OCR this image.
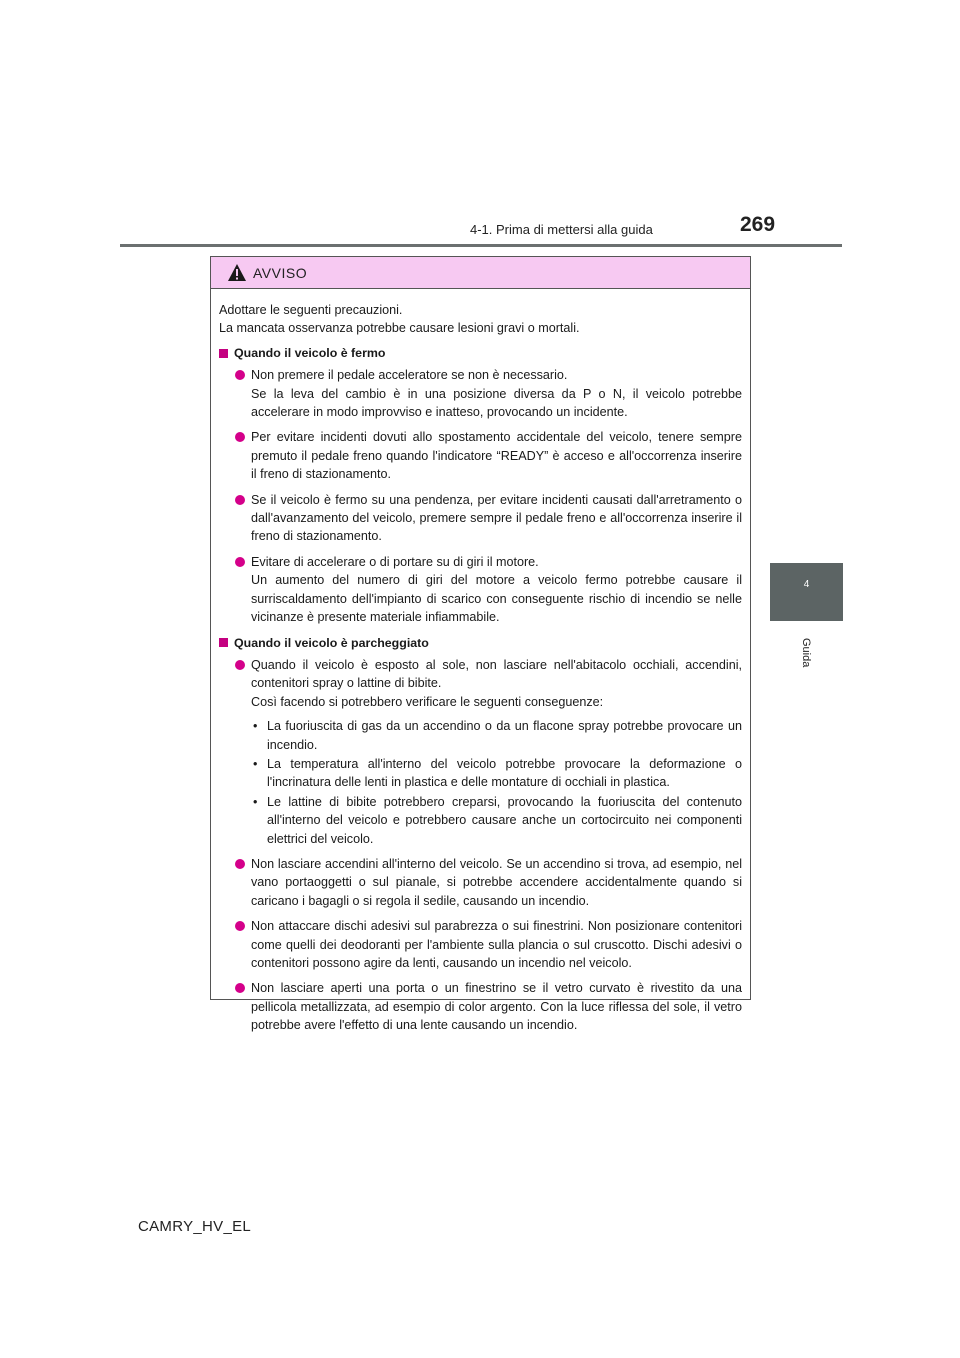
4-1. Prima di mettersi alla guida	269
4
Guida
AVVISO

Adottare le seguenti precauzioni.

La mancata osservanza potrebbe causare lesioni gravi o mortali.

Quando il veicolo è fermo

Non premere il pedale acceleratore se non è necessario.

Se la leva del cambio è in una posizione diversa da P o N, il veicolo potrebbe accelerare in modo improvviso e inatteso, provocando un incidente.

Per evitare incidenti dovuti allo spostamento accidentale del veicolo, tenere sempre premuto il pedale freno quando l'indicatore “READY” è acceso e all'occorrenza inserire il freno di stazionamento.

Se il veicolo è fermo su una pendenza, per evitare incidenti causati dall'arretramento o dall'avanzamento del veicolo, premere sempre il pedale freno e all'occorrenza inserire il freno di stazionamento.

Evitare di accelerare o di portare su di giri il motore.

Un aumento del numero di giri del motore a veicolo fermo potrebbe causare il surriscaldamento dell'impianto di scarico con conseguente rischio di incendio se nelle vicinanze è presente materiale infiammabile.

Quando il veicolo è parcheggiato

Quando il veicolo è esposto al sole, non lasciare nell'abitacolo occhiali, accendini, contenitori spray o lattine di bibite.

Così facendo si potrebbero verificare le seguenti conseguenze:

• La fuoriuscita di gas da un accendino o da un flacone spray potrebbe provocare un incendio.
• La temperatura all'interno del veicolo potrebbe provocare la deformazione o l'incrinatura delle lenti in plastica e delle montature di occhiali in plastica.
• Le lattine di bibite potrebbero creparsi, provocando la fuoriuscita del contenuto all'interno del veicolo e potrebbero causare anche un cortocircuito nei componenti elettrici del veicolo.

Non lasciare accendini all'interno del veicolo. Se un accendino si trova, ad esempio, nel vano portaoggetti o sul pianale, si potrebbe accendere accidentalmente quando si caricano i bagagli o si regola il sedile, causando un incendio.

Non attaccare dischi adesivi sul parabrezza o sui finestrini. Non posizionare contenitori come quelli dei deodoranti per l'ambiente sulla plancia o sul cruscotto. Dischi adesivi o contenitori possono agire da lenti, causando un incendio nel veicolo.

Non lasciare aperti una porta o un finestrino se il vetro curvato è rivestito da una pellicola metallizzata, ad esempio di color argento. Con la luce riflessa del sole, il vetro potrebbe avere l'effetto di una lente causando un incendio.

CAMRY_HV_EL
